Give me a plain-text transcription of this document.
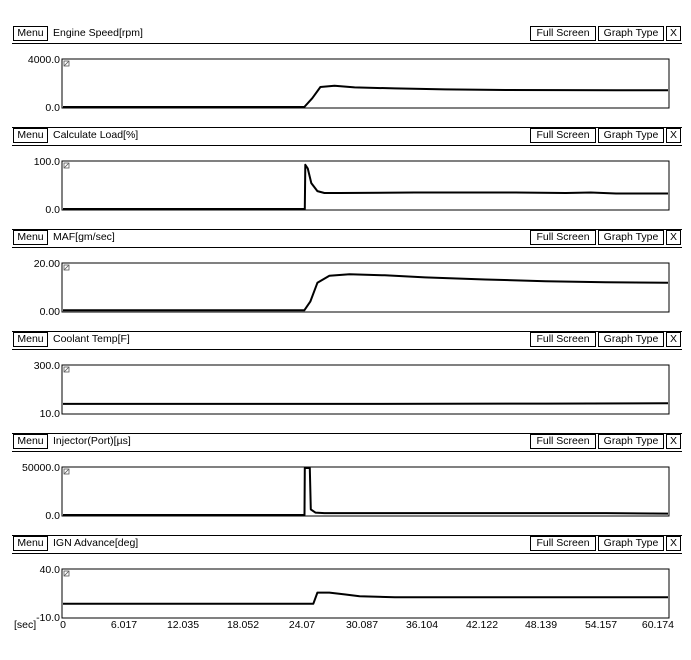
Menu Engine Speed[rpm]	Full Screen	Graph Type	X
4000.0
0.0
Menu Calculate Load[%]	Full Screen	Graph Type	X
100.0
0.0
Menu MAF[gm/sec]	Full Screen	Graph Type	X
20.00
0.00
Menu Coolant Temp[F]	Full Screen	Graph Type	X
300.0
10.0
Menu Injector(Port)[µs]	Full Screen	Graph Type	X
50000.0
0.0
Menu IGN Advance[deg]	Full Screen	Graph Type	X
40.0
-10.0
[sec] 0	6.017	12.035	18.052	24.07	30.087	36.104	42.122	48.139	54.157 60.174
